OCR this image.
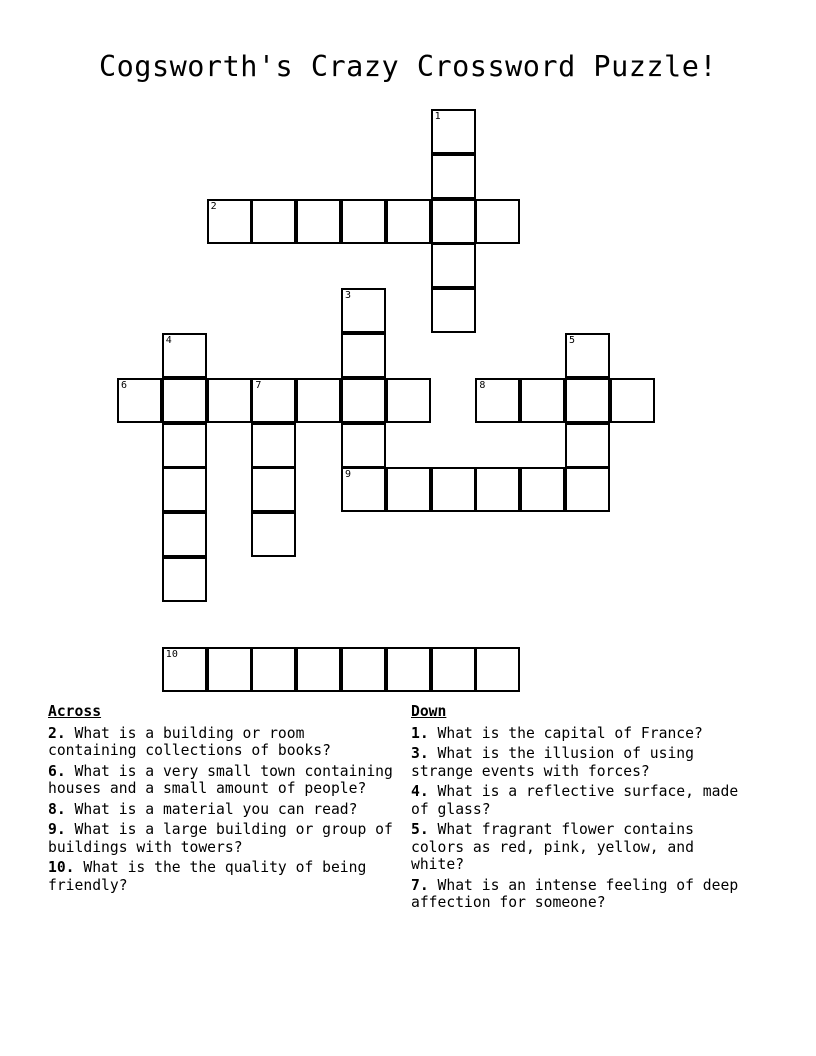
Cogsworth's Crazy Crossword Puzzle!
1
2
3
9
4	5
6	7	8
10
Across
2. What is a building or room containing collections of books?
6. What is a very small town containing houses and a small amount of people?
8. What is a material you can read?
9. What is a large building or group of buildings with towers?
10. What is the the quality of being friendly?
Down
1. What is the capital of France?
3. What is the illusion of using strange events with forces?
4. What is a reflective surface, made of glass?
5. What fragrant flower contains colors as red, pink, yellow, and white?
7. What is an intense feeling of deep affection for someone?
